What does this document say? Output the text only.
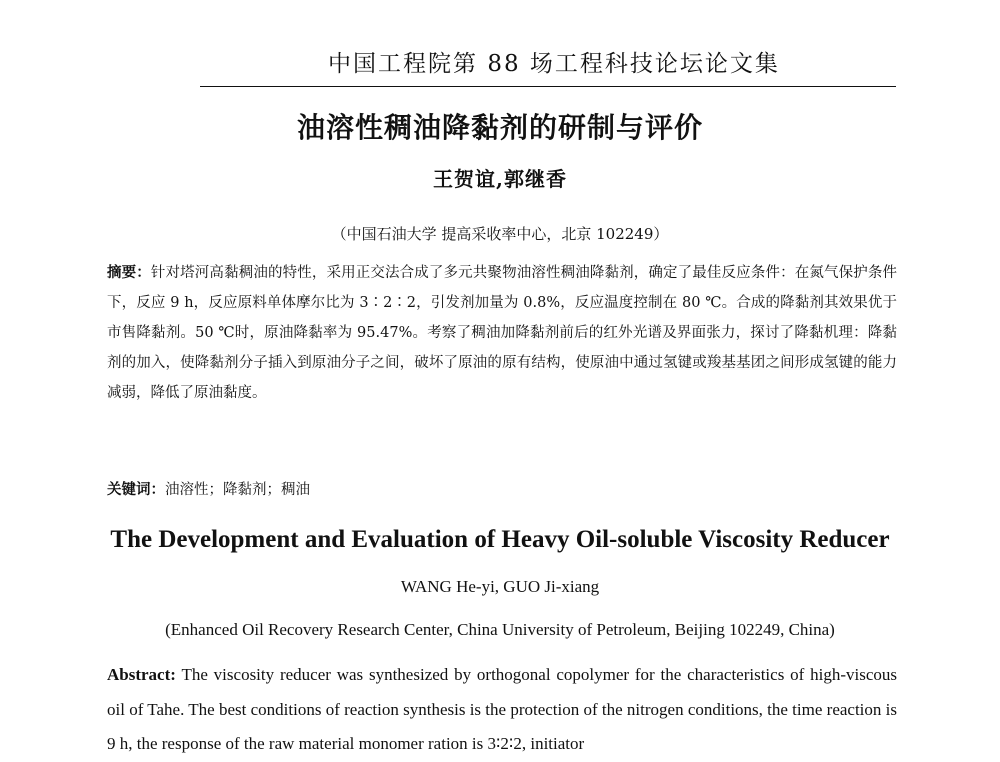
中国工程院第 88 场工程科技论坛论文集
油溶性稠油降黏剂的研制与评价
王贺谊,郭继香
（中国石油大学 提高采收率中心，北京 102249）

摘要：针对塔河高黏稠油的特性，采用正交法合成了多元共聚物油溶性稠油降黏剂，确定了最佳反应条件：在氮气保护条件下，反应 9 h，反应原料单体摩尔比为 3∶2∶2，引发剂加量为 0.8%，反应温度控制在 80 ℃。合成的降黏剂其效果优于市售降黏剂。50 ℃时，原油降黏率为 95.47%。考察了稠油加降黏剂前后的红外光谱及界面张力，探讨了降黏机理：降黏剂的加入，使降黏剂分子插入到原油分子之间，破坏了原油的原有结构，使原油中通过氢键或羧基基团之间形成氢键的能力减弱，降低了原油黏度。

关键词：油溶性；降黏剂；稠油

The Development and Evaluation of Heavy Oil-soluble Viscosity Reducer
WANG He-yi, GUO Ji-xiang
(Enhanced Oil Recovery Research Center, China University of Petroleum, Beijing 102249, China)

Abstract: The viscosity reducer was synthesized by orthogonal copolymer for the characteristics of high-viscous oil of Tahe. The best conditions of reaction synthesis is the protection of the nitrogen conditions, the time reaction is 9 h, the response of the raw material monomer ration is 3∶2∶2, initiator
